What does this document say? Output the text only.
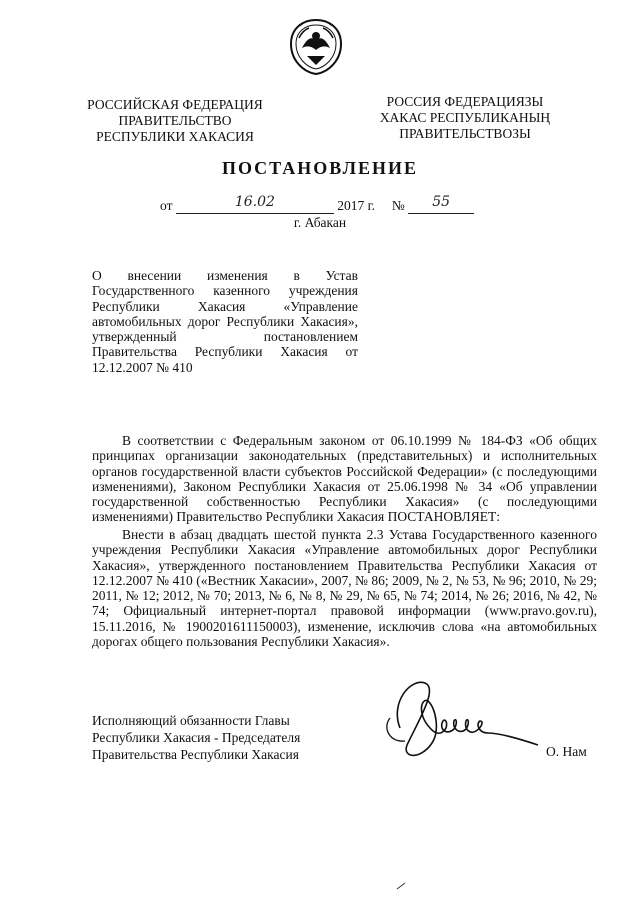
РОССИЙСКАЯ ФЕДЕРАЦИЯ
ПРАВИТЕЛЬСТВО
РЕСПУБЛИКИ ХАКАСИЯ
РОССИЯ ФЕДЕРАЦИЯЗЫ
ХАКАС РЕСПУБЛИКАНЫҢ
ПРАВИТЕЛЬСТВОЗЫ
ПОСТАНОВЛЕНИЕ
от	16.02	2017 г. № 55
г. Абакан
О внесении изменения в Устав Государственного казенного учреждения Республики Хакасия «Управление автомобильных дорог Республики Хакасия», утвержденный постановлением Правительства Республики Хакасия от 12.12.2007 № 410
В соответствии с Федеральным законом от 06.10.1999 № 184-ФЗ «Об общих принципах организации законодательных (представительных) и исполнительных органов государственной власти субъектов Российской Федерации» (с последующими изменениями), Законом Республики Хакасия от 25.06.1998 № 34 «Об управлении государственной собственностью Республики Хакасия» (с последующими изменениями) Правительство Республики Хакасия ПОСТАНОВЛЯЕТ:
Внести в абзац двадцать шестой пункта 2.3 Устава Государственного казенного учреждения Республики Хакасия «Управление автомобильных дорог Республики Хакасия», утвержденного постановлением Правительства Республики Хакасия от 12.12.2007 № 410 («Вестник Хакасии», 2007, № 86; 2009, № 2, № 53, № 96; 2010, № 29; 2011, № 12; 2012, № 70; 2013, № 6, № 8, № 29, № 65, № 74; 2014, № 26; 2016, № 42, № 74; Официальный интернет-портал правовой информации (www.pravo.gov.ru), 15.11.2016, № 1900201611150003), изменение, исключив слова «на автомобильных дорогах общего пользования Республики Хакасия».
Исполняющий обязанности Главы
Республики Хакасия - Председателя
Правительства Республики Хакасия	О. Нам
